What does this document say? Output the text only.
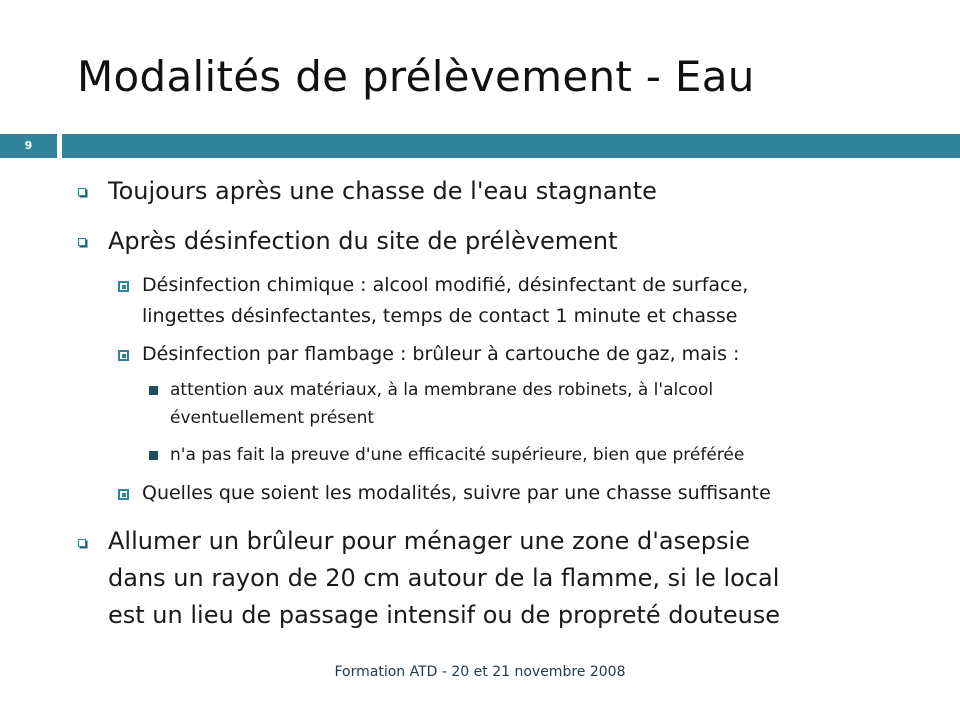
Modalités de prélèvement - Eau
9
Toujours après une chasse de l'eau stagnante
Après désinfection du site de prélèvement
Désinfection chimique : alcool modifié, désinfectant de surface,
lingettes désinfectantes, temps de contact 1 minute et chasse
Désinfection par flambage : brûleur à cartouche de gaz, mais :
attention aux matériaux, à la membrane des robinets, à l'alcool
éventuellement présent
n'a pas fait la preuve d'une efficacité supérieure, bien que préférée
Quelles que soient les modalités, suivre par une chasse suffisante
Allumer un brûleur pour ménager une zone d'asepsie
dans un rayon de 20 cm autour de la flamme, si le local
est un lieu de passage intensif ou de propreté douteuse
Formation ATD - 20 et 21 novembre 2008
